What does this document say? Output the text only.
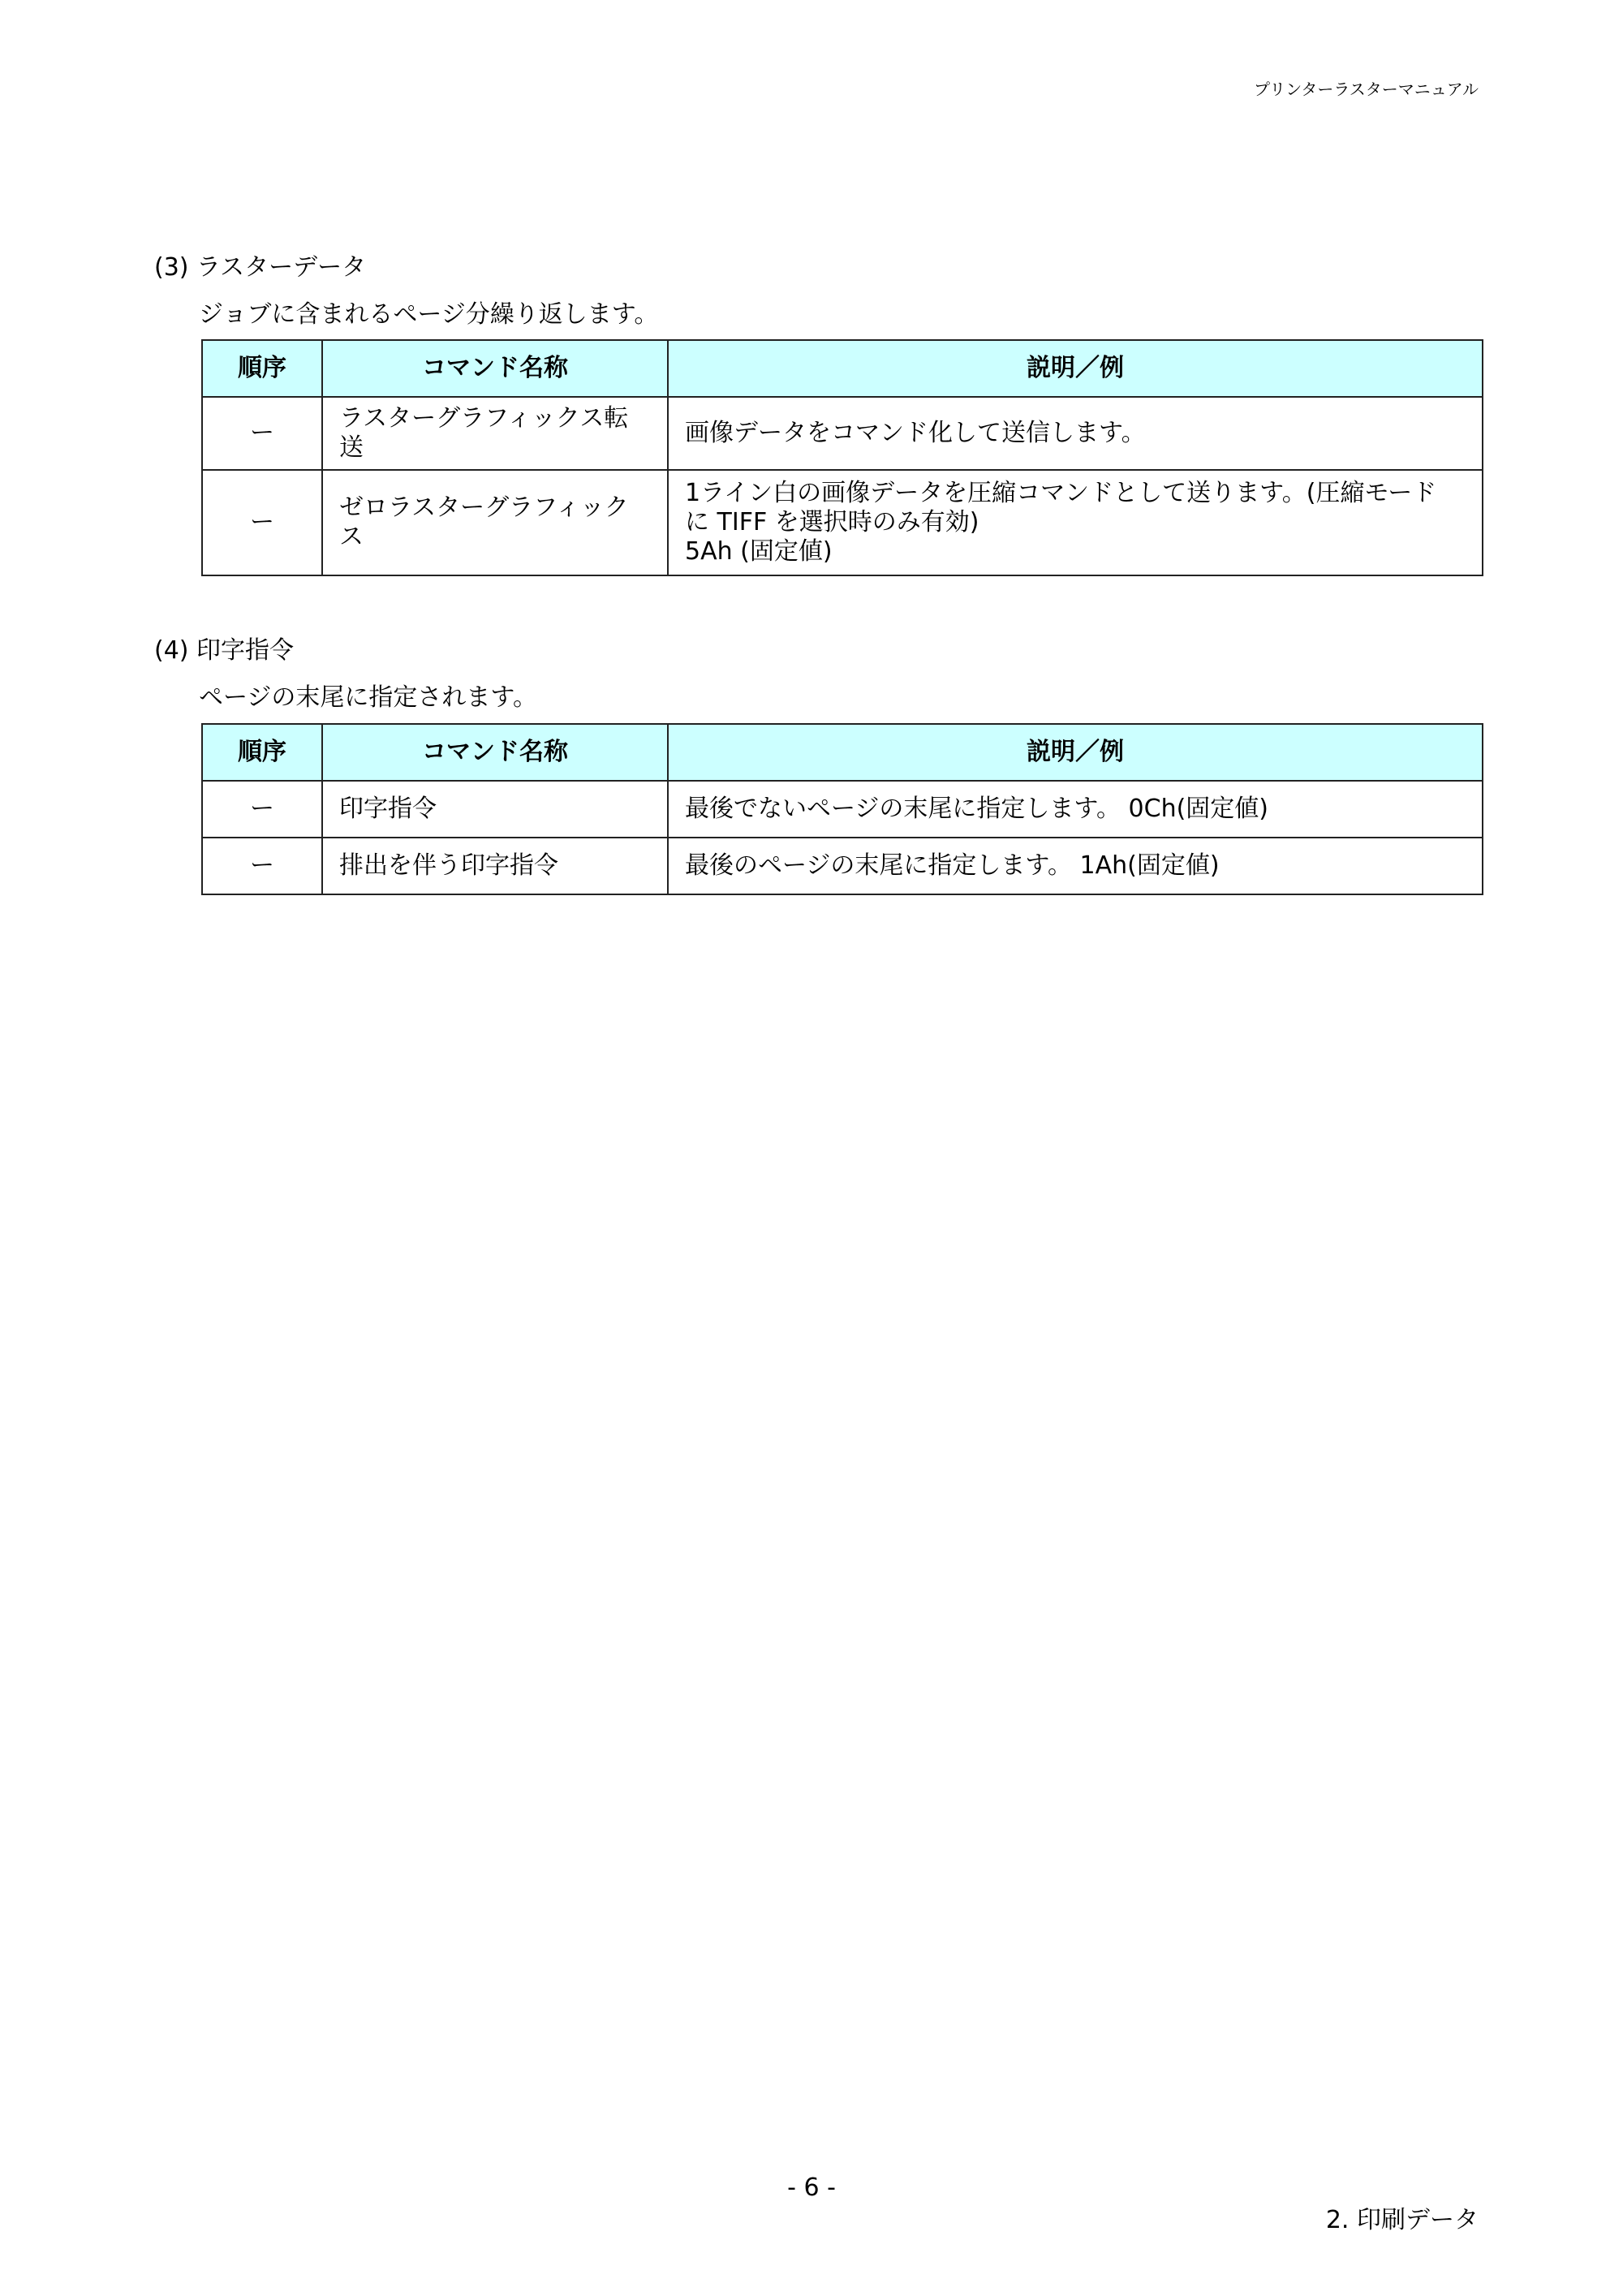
プリンターラスターマニュアル
(3) ラスターデータ
ジョブに含まれるページ分繰り返します。
順序	コマンド名称	説明／例
ー	ラスターグラフィックス転送	画像データをコマンド化して送信します。

ー	ゼロラスターグラフィックス	1ライン白の画像データを圧縮コマンドとして送ります。(圧縮モード
に TIFF を選択時のみ有効)
5Ah (固定値)
(4) 印字指令
ページの末尾に指定されます。
順序	コマンド名称	説明／例
ー	印字指令	最後でないページの末尾に指定します。 0Ch(固定値)

ー	排出を伴う印字指令	最後のページの末尾に指定します。 1Ah(固定値)
- 6 -
2. 印刷データ
